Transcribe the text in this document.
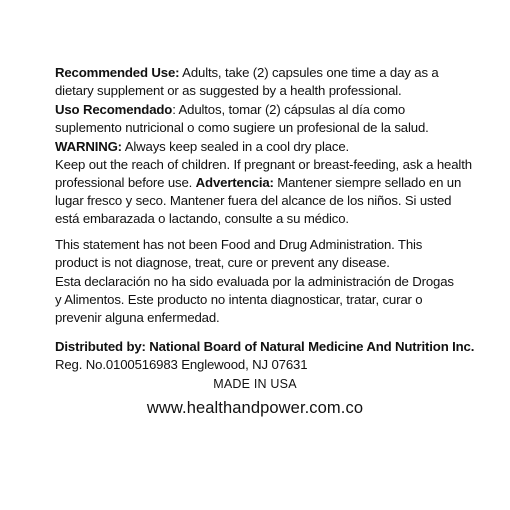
Recommended Use: Adults, take (2) capsules one time a day as a
dietary supplement or as suggested by a health professional.
Uso Recomendado: Adultos, tomar (2) cápsulas al día como
suplemento nutricional o como sugiere un profesional de la salud.
WARNING: Always keep sealed in a cool dry place.
Keep out the reach of children. If pregnant or breast-feeding, ask a health
professional before use. Advertencia: Mantener siempre sellado en un
lugar fresco y seco. Mantener fuera del alcance de los niños. Si usted
está embarazada o lactando, consulte a su médico.
This statement has not been Food and Drug Administration. This
product is not diagnose, treat, cure or prevent any disease.
Esta declaración no ha sido evaluada por la administración de Drogas
y Alimentos. Este producto no intenta diagnosticar, tratar, curar o
prevenir alguna enfermedad.
Distributed by: National Board of Natural Medicine And Nutrition Inc.
Reg. No.0100516983 Englewood, NJ 07631
MADE IN USA
www.healthandpower.com.co
